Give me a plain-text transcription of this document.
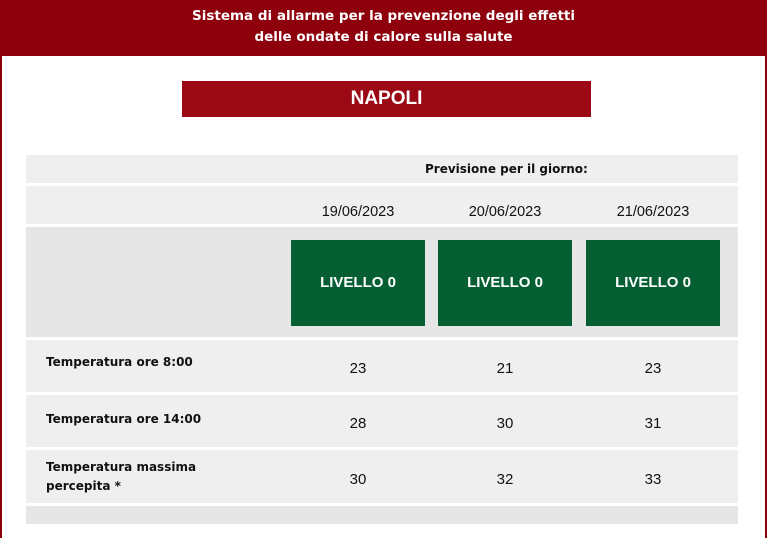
Sistema di allarme per la prevenzione degli effetti
delle ondate di calore sulla salute
NAPOLI
Previsione per il giorno:
19/06/2023	20/06/2023	21/06/2023
LIVELLO 0	LIVELLO 0	LIVELLO 0
Temperatura ore 8:00	23	21	23
Temperatura ore 14:00	28	30	31
Temperatura massima
percepita *	30	32	33
